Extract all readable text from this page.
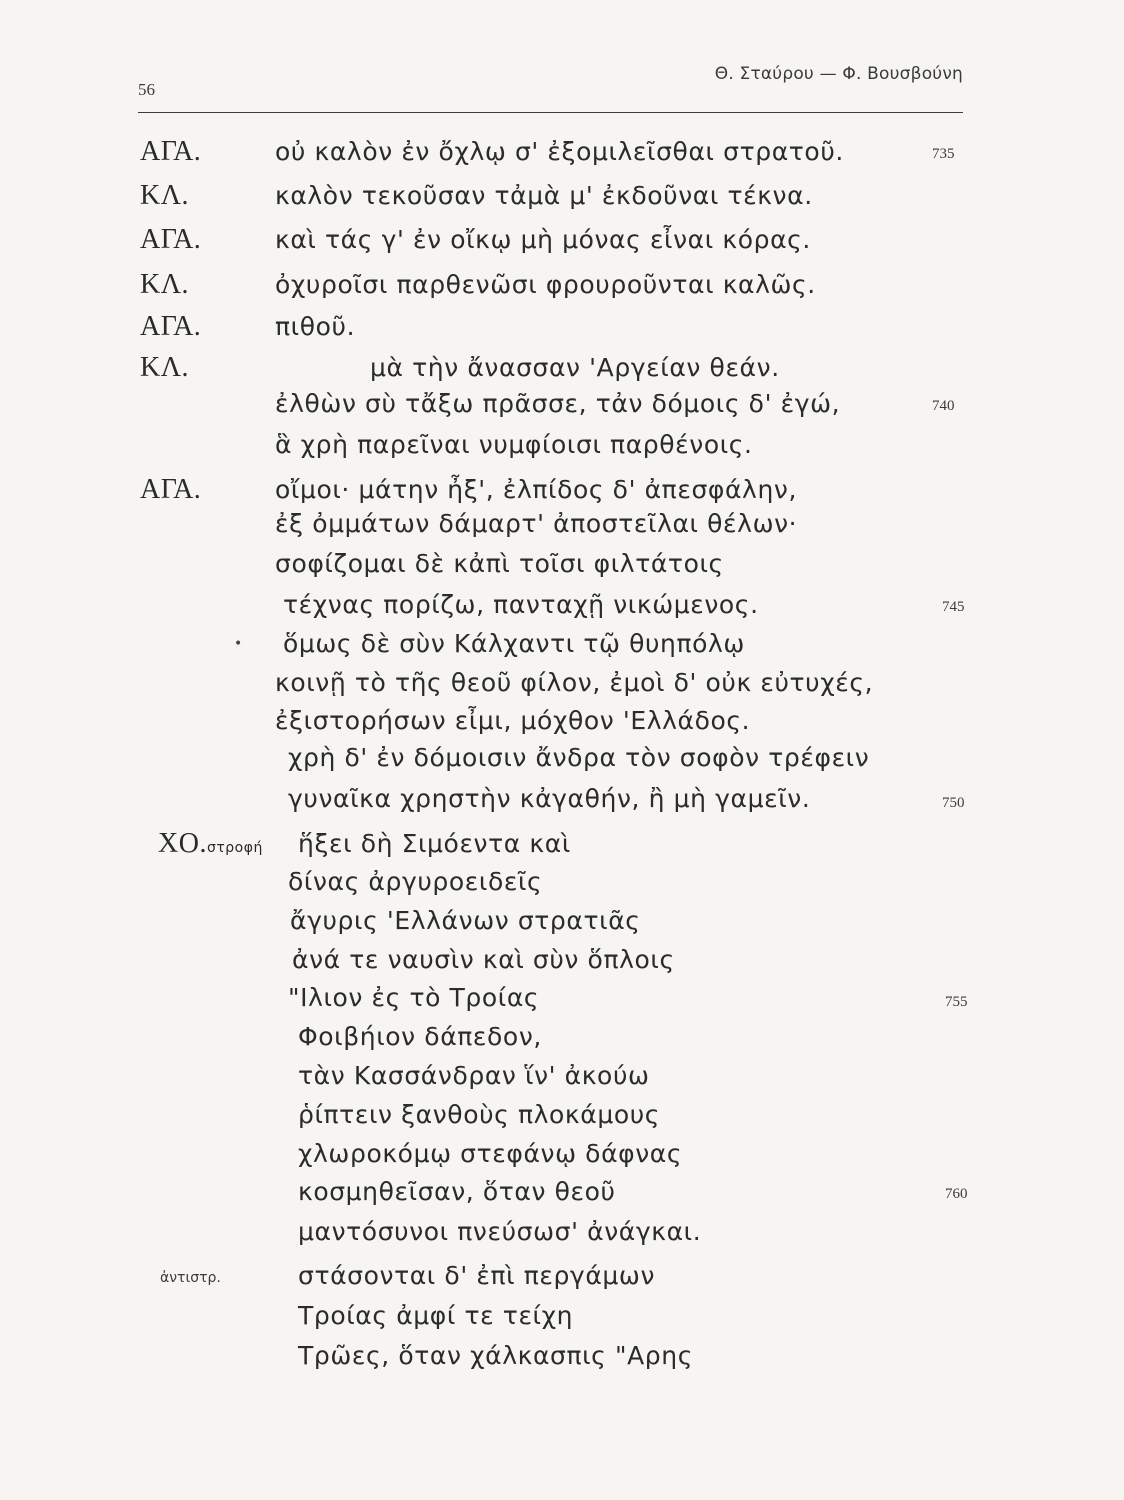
56
Θ. Σταύρου — Φ. Βουσβούνη
ΑΓΑ.	οὐ καλὸν ἐν ὄχλῳ σ' ἐξομιλεῖσθαι στρατοῦ.	735
ΚΛ.	καλὸν τεκοῦσαν τἀμὰ μ' ἐκδοῦναι τέκνα.
ΑΓΑ.	καὶ τάς γ' ἐν οἴκῳ μὴ μόνας εἶναι κόρας.
ΚΛ.	ὀχυροῖσι παρθενῶσι φρουροῦνται καλῶς.
ΑΓΑ.	πιθοῦ.
ΚΛ.	μὰ τὴν ἄνασσαν 'Αργείαν θεάν.
ἐλθὼν σὺ τἄξω πρᾶσσε, τἀν δόμοις δ' ἐγώ,	740
ἃ χρὴ παρεῖναι νυμφίοισι παρθένοις.
ΑΓΑ.	οἴμοι· μάτην ἦξ', ἐλπίδος δ' ἀπεσφάλην,
ἐξ ὀμμάτων δάμαρτ' ἀποστεῖλαι θέλων·
σοφίζομαι δὲ κἀπὶ τοῖσι φιλτάτοις
τέχνας πορίζω, πανταχῇ νικώμενος.	745
• ὅμως δὲ σὺν Κάλχαντι τῷ θυηπόλῳ
κοινῇ τὸ τῆς θεοῦ φίλον, ἐμοὶ δ' οὐκ εὐτυχές,
ἐξιστορήσων εἶμι, μόχθον 'Ελλάδος.
χρὴ δ' ἐν δόμοισιν ἄνδρα τὸν σοφὸν τρέφειν
γυναῖκα χρηστὴν κἀγαθήν, ἢ μὴ γαμεῖν.	750
ΧΟ.στροφή ἥξει δὴ Σιμόεντα καὶ
δίνας ἀργυροειδεῖς
ἄγυρις 'Ελλάνων στρατιᾶς
ἀνά τε ναυσὶν καὶ σὺν ὅπλοις
"Ιλιον ἐς τὸ Τροίας	755
Φοιβήιον δάπεδον,
τὰν Κασσάνδραν ἵν' ἀκούω
ῥίπτειν ξανθοὺς πλοκάμους
χλωροκόμῳ στεφάνῳ δάφνας
κοσμηθεῖσαν, ὅταν θεοῦ	760
μαντόσυνοι πνεύσωσ' ἀνάγκαι.
ἀντιστρ.	στάσονται δ' ἐπὶ περγάμων
Τροίας ἀμφί τε τείχη
Τρῶες, ὅταν χάλκασπις "Αρης
